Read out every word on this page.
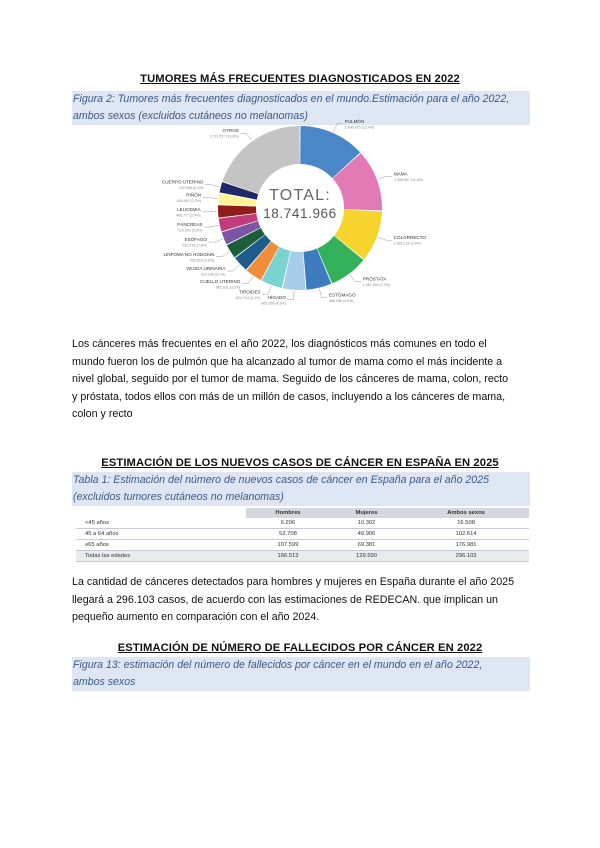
TUMORES MÁS FRECUENTES DIAGNOSTICADOS EN 2022
Figura 2: Tumores más frecuentes diagnosticados en el mundo.Estimación para el año 2022,
ambos sexos (excluidos cutáneos no melanomas)	PULMÓN
2.480.675 (12,4%)
MAMA
2.308.897 (11,6%)
COLORRECTO
1.926.118 (9,6%)
PRÓSTATA
1.467.854 (7,3%)
ESTÓMAGO
968.350 (4,9%)
HÍGADO
865.269 (4,3%)
TIROIDES
821.214 (4,1%)
CUELLO UTERINO
661.021 (3,3%)
VEJIGA URINARIA
614.298 (3,1%)
LINFOMA NO HODGKIN
553.010 (2,8%)
ESÓFAGO
510.716 (2,6%)
PÁNCREAS
510.992 (2,6%)
LEUCEMIA
486.777 (2,4%)
RIÑÓN
434.840 (2,2%)
CUERPO UTERINO
420.368 (2,1%)
OTROS
3.711.537 (19,8%)
TOTAL:
18.741.966
Los cánceres más frecuentes en el año 2022, los diagnósticos más comunes en todo el
mundo fueron los de pulmón que ha alcanzado al tumor de mama como el más incidente a
nivel global, seguido por el tumor de mama. Seguido de los cánceres de mama, colon, recto
y próstata, todos ellos con más de un millón de casos, incluyendo a los cánceres de mama,
colon y recto
ESTIMACIÓN DE LOS NUEVOS CASOS DE CÁNCER EN ESPAÑA EN 2025
Tabla 1: Estimación del número de nuevos casos de cáncer en España para el año 2025
(excluidos tumores cutáneos no melanomas)
	Hombres	Mujeres	Ambos sexos
<45 años	6.206	10.302	16.508
45 a 64 años	52.708	49.906	102.614
≥65 años	107.599	69.381	176.981
Todas las edades	166.513	129.590	296.103
La cantidad de cánceres detectados para hombres y mujeres en España durante el año 2025
llegará a 296.103 casos, de acuerdo con las estimaciones de REDECAN. que implican un
pequeño aumento en comparación con el año 2024.
ESTIMACIÓN DE NÚMERO DE FALLECIDOS POR CÁNCER EN 2022
Figura 13: estimación del número de fallecidos por cáncer en el mundo en el año 2022,
ambos sexos
